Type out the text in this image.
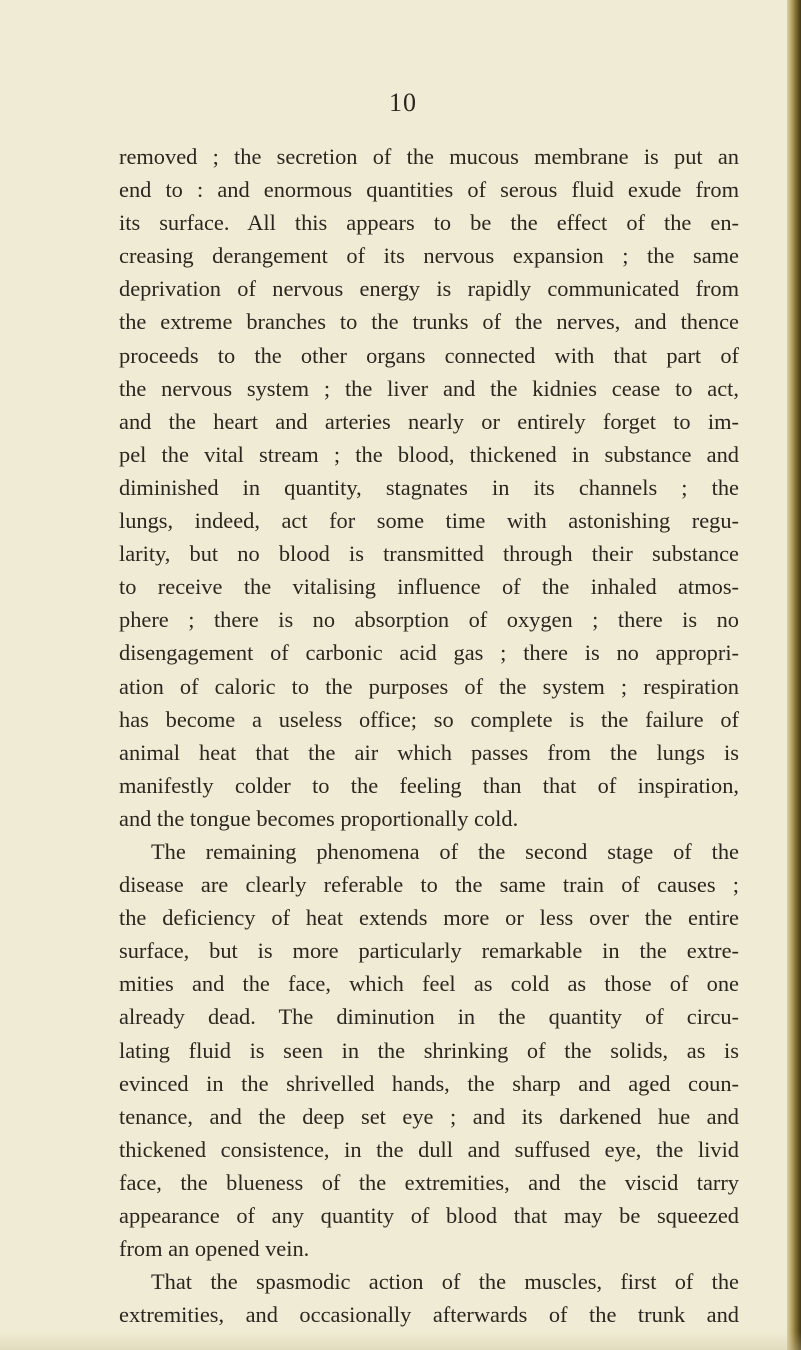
10
removed ; the secretion of the mucous membrane is put an
end to : and enormous quantities of serous fluid exude from
its surface. All this appears to be the effect of the en-
creasing derangement of its nervous expansion ; the same
deprivation of nervous energy is rapidly communicated from
the extreme branches to the trunks of the nerves, and thence
proceeds to the other organs connected with that part of
the nervous system ; the liver and the kidnies cease to act,
and the heart and arteries nearly or entirely forget to im-
pel the vital stream ; the blood, thickened in substance and
diminished in quantity, stagnates in its channels ; the
lungs, indeed, act for some time with astonishing regu-
larity, but no blood is transmitted through their substance
to receive the vitalising influence of the inhaled atmos-
phere ; there is no absorption of oxygen ; there is no
disengagement of carbonic acid gas ; there is no appropri-
ation of caloric to the purposes of the system ; respiration
has become a useless office; so complete is the failure of
animal heat that the air which passes from the lungs is
manifestly colder to the feeling than that of inspiration,
and the tongue becomes proportionally cold.
The remaining phenomena of the second stage of the
disease are clearly referable to the same train of causes ;
the deficiency of heat extends more or less over the entire
surface, but is more particularly remarkable in the extre-
mities and the face, which feel as cold as those of one
already dead. The diminution in the quantity of circu-
lating fluid is seen in the shrinking of the solids, as is
evinced in the shrivelled hands, the sharp and aged coun-
tenance, and the deep set eye ; and its darkened hue and
thickened consistence, in the dull and suffused eye, the livid
face, the blueness of the extremities, and the viscid tarry
appearance of any quantity of blood that may be squeezed
from an opened vein.
That the spasmodic action of the muscles, first of the
extremities, and occasionally afterwards of the trunk and
